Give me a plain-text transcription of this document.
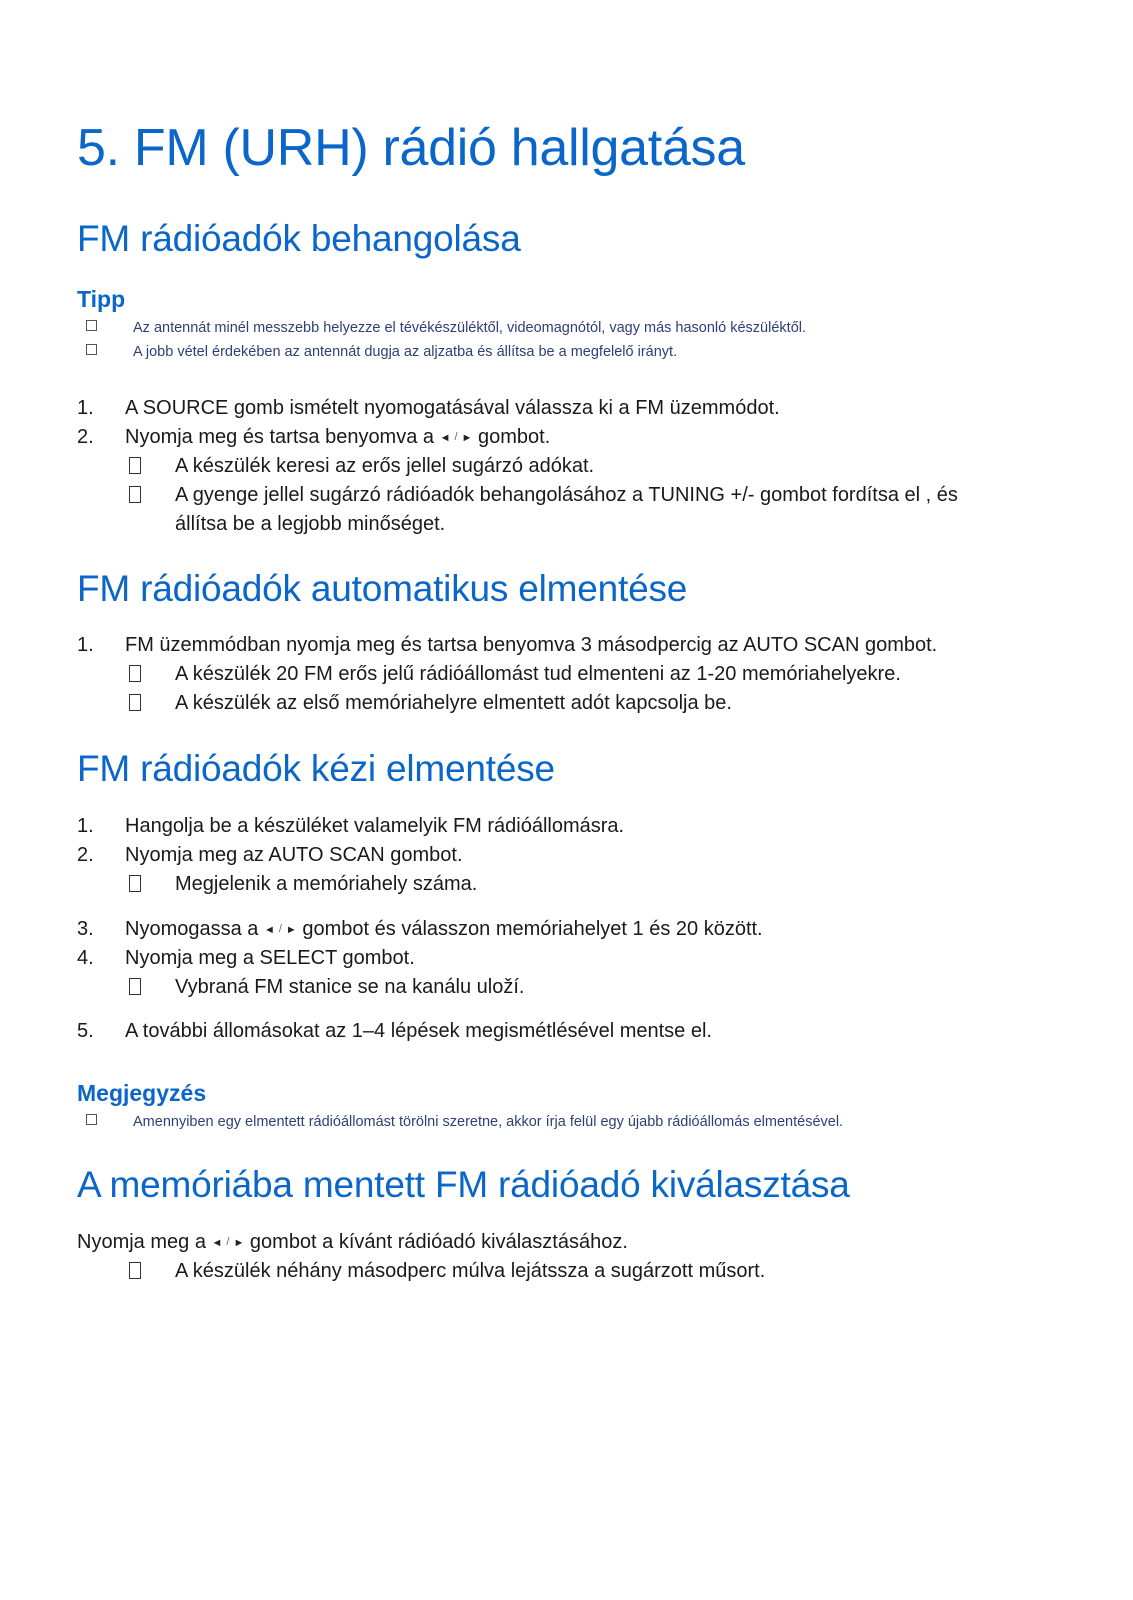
5. FM (URH) rádió hallgatása
FM rádióadók behangolása
Tipp
Az antennát minél messzebb helyezze el tévékészüléktől, videomagnótól, vagy más hasonló készüléktől.
A jobb vétel érdekében az antennát dugja az aljzatba és állítsa be a megfelelő irányt.
1.	A SOURCE gomb ismételt nyomogatásával válassza ki a FM üzemmódot.
2.	Nyomja meg és tartsa benyomva a ◄ / ► gombot.
A készülék keresi az erős jellel sugárzó adókat.
A gyenge jellel sugárzó rádióadók behangolásához a TUNING +/- gombot fordítsa el , és
állítsa be a legjobb minőséget.
FM rádióadók automatikus elmentése
1.	FM üzemmódban nyomja meg és tartsa benyomva 3 másodpercig az AUTO SCAN gombot.
A készülék 20 FM erős jelű rádióállomást tud elmenteni az 1-20 memóriahelyekre.
A készülék az első memóriahelyre elmentett adót kapcsolja be.
FM rádióadók kézi elmentése
1.	Hangolja be a készüléket valamelyik FM rádióállomásra.
2.	Nyomja meg az AUTO SCAN gombot.
Megjelenik a memóriahely száma.
3.	Nyomogassa a ◄ / ► gombot és válasszon memóriahelyet 1 és 20 között.
4.	Nyomja meg a SELECT gombot.
Vybraná FM stanice se na kanálu uloží.
5.	A további állomásokat az 1–4 lépések megismétlésével mentse el.
Megjegyzés
Amennyiben egy elmentett rádióállomást törölni szeretne, akkor írja felül egy újabb rádióállomás elmentésével.
A memóriába mentett FM rádióadó kiválasztása
Nyomja meg a ◄ / ► gombot a kívánt rádióadó kiválasztásához.
A készülék néhány másodperc múlva lejátssza a sugárzott műsort.
